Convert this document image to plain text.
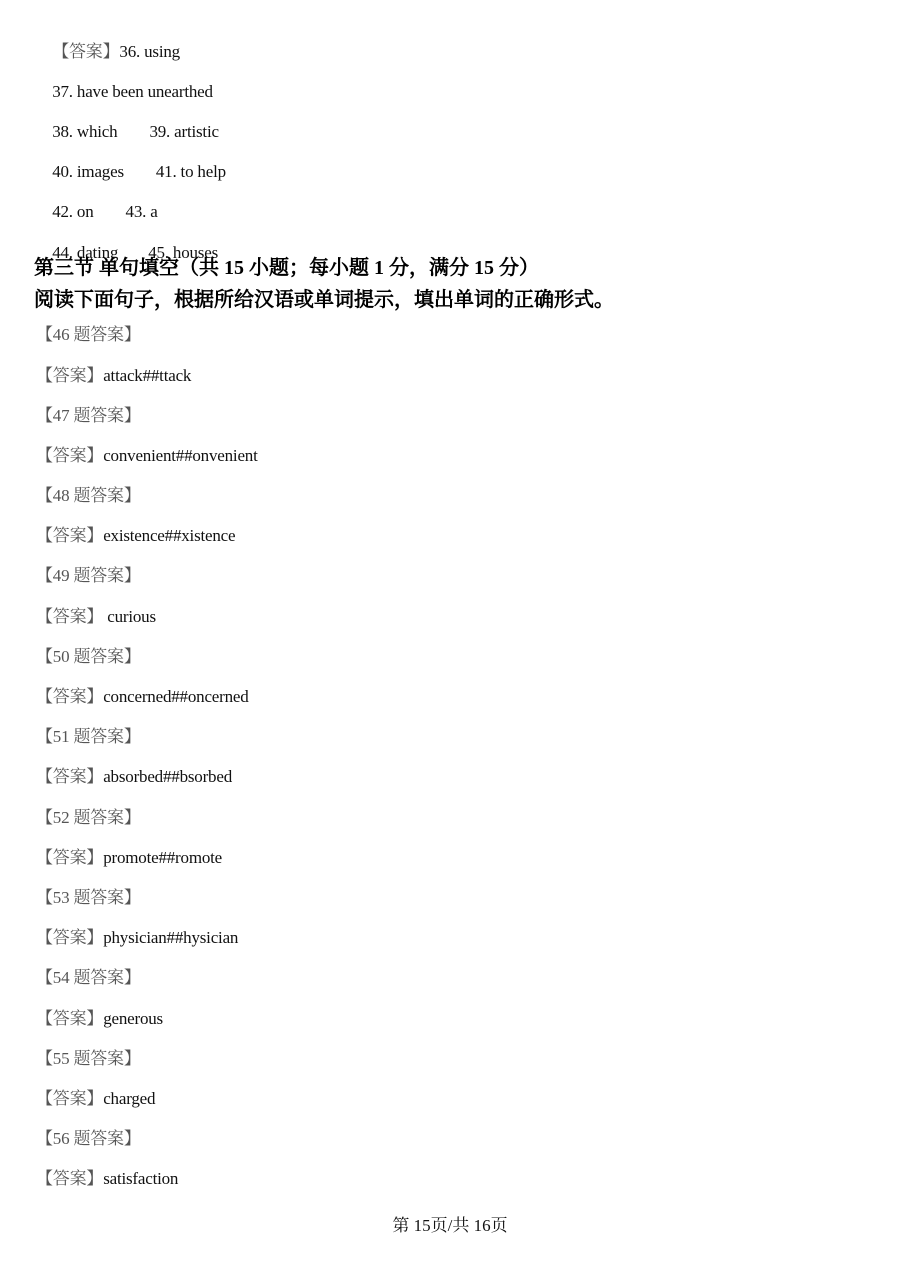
【答案】36. using

37. have been unearthed

38. which 39. artistic

40. images 41. to help

42. on 43. a

44. dating 45. houses

第三节 单句填空（共 15 小题；每小题 1 分，满分 15 分）
阅读下面句子，根据所给汉语或单词提示，填出单词的正确形式。
【46 题答案】
【答案】attack##ttack
【47 题答案】
【答案】convenient##onvenient
【48 题答案】
【答案】existence##xistence
【49 题答案】
【答案】 curious
【50 题答案】
【答案】concerned##oncerned
【51 题答案】
【答案】absorbed##bsorbed
【52 题答案】
【答案】promote##romote
【53 题答案】
【答案】physician##hysician
【54 题答案】
【答案】generous
【55 题答案】
【答案】charged
【56 题答案】
【答案】satisfaction
第 15页/共 16页
